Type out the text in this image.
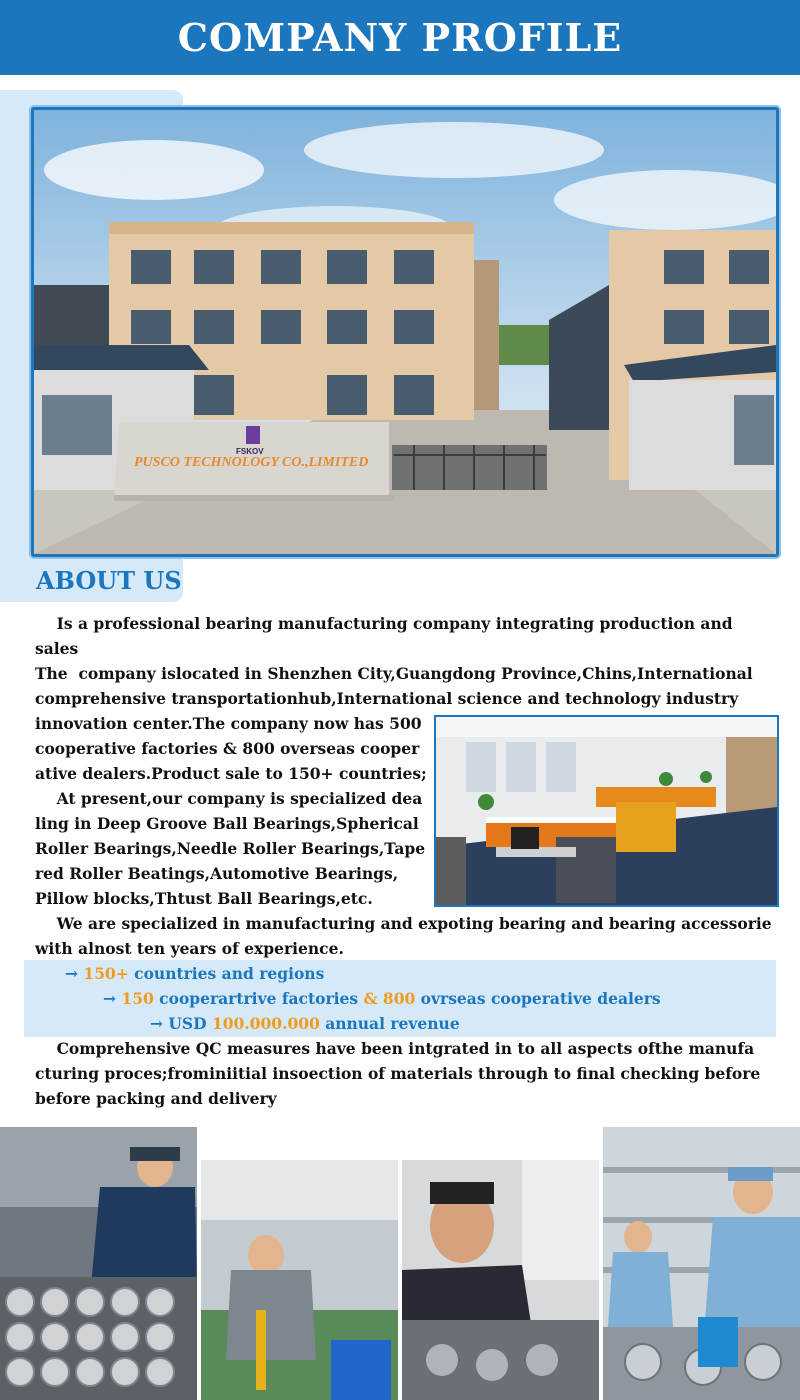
COMPANY PROFILE
FSKOV
PUSCO TECHNOLOGY CO.,LIMITED
ABOUT US
Is a professional bearing manufacturing company integrating production and
sales
The  company islocated in Shenzhen City,Guangdong Province,Chins,International
comprehensive transportationhub,International science and technology industry
innovation center.The company now has 500
cooperative factories & 800 overseas cooper
ative dealers.Product sale to 150+ countries;
At present,our company is specialized dea
ling in Deep Groove Ball Bearings,Spherical
Roller Bearings,Needle Roller Bearings,Tape
red Roller Beatings,Automotive Bearings,
Pillow blocks,Thtust Ball Bearings,etc.
We are specialized in manufacturing and expoting bearing and bearing accessorie
with alnost ten years of experience.
→ 150+ countries and regions
→ 150 cooperartrive factories & 800 ovrseas cooperative dealers
→ USD 100.000.000 annual revenue
Comprehensive QC measures have been intgrated in to all aspects ofthe manufa
cturing proces;frominiitial insoection of materials through to final checking before
before packing and delivery
